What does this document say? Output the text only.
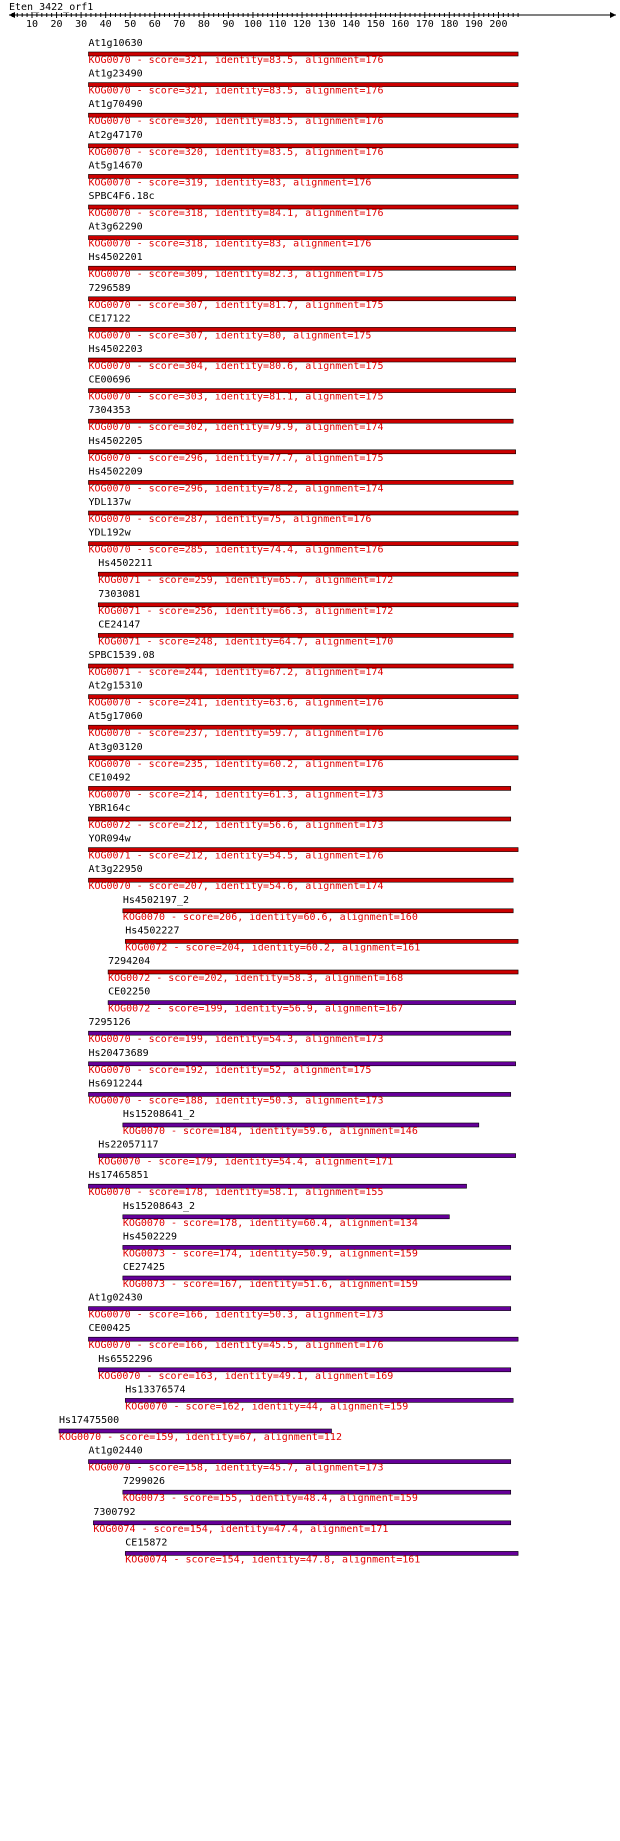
Eten_3422_orf1
10 20 30 40 50 60 70 80 90 100 110 120 130 140 150 160 170 180 190 200
At1g10630
KOG0070 - score=321, identity=83.5, alignment=176
At1g23490
KOG0070 - score=321, identity=83.5, alignment=176
At1g70490
KOG0070 - score=320, identity=83.5, alignment=176
At2g47170
KOG0070 - score=320, identity=83.5, alignment=176
At5g14670
KOG0070 - score=319, identity=83, alignment=176
SPBC4F6.18c
KOG0070 - score=318, identity=84.1, alignment=176
At3g62290
KOG0070 - score=318, identity=83, alignment=176
Hs4502201
KOG0070 - score=309, identity=82.3, alignment=175
7296589
KOG0070 - score=307, identity=81.7, alignment=175
CE17122
KOG0070 - score=307, identity=80, alignment=175
Hs4502203
KOG0070 - score=304, identity=80.6, alignment=175
CE00696
KOG0070 - score=303, identity=81.1, alignment=175
7304353
KOG0070 - score=302, identity=79.9, alignment=174
Hs4502205
KOG0070 - score=296, identity=77.7, alignment=175
Hs4502209
KOG0070 - score=296, identity=78.2, alignment=174
YDL137w
KOG0070 - score=287, identity=75, alignment=176
YDL192w
KOG0070 - score=285, identity=74.4, alignment=176
Hs4502211
KOG0071 - score=259, identity=65.7, alignment=172
7303081
KOG0071 - score=256, identity=66.3, alignment=172
CE24147
KOG0071 - score=248, identity=64.7, alignment=170
SPBC1539.08
KOG0071 - score=244, identity=67.2, alignment=174
At2g15310
KOG0070 - score=241, identity=63.6, alignment=176
At5g17060
KOG0070 - score=237, identity=59.7, alignment=176
At3g03120
KOG0070 - score=235, identity=60.2, alignment=176
CE10492
KOG0070 - score=214, identity=61.3, alignment=173
YBR164c
KOG0072 - score=212, identity=56.6, alignment=173
YOR094w
KOG0071 - score=212, identity=54.5, alignment=176
At3g22950
KOG0070 - score=207, identity=54.6, alignment=174
Hs4502197_2
KOG0070 - score=206, identity=60.6, alignment=160
Hs4502227
KOG0072 - score=204, identity=60.2, alignment=161
7294204
KOG0072 - score=202, identity=58.3, alignment=168
CE02250
KOG0072 - score=199, identity=56.9, alignment=167
7295126
KOG0070 - score=199, identity=54.3, alignment=173
Hs20473689
KOG0070 - score=192, identity=52, alignment=175
Hs6912244
KOG0070 - score=188, identity=50.3, alignment=173
Hs15208641_2
KOG0070 - score=184, identity=59.6, alignment=146
Hs22057117
KOG0070 - score=179, identity=54.4, alignment=171
Hs17465851
KOG0070 - score=178, identity=58.1, alignment=155
Hs15208643_2
KOG0070 - score=178, identity=60.4, alignment=134
Hs4502229
KOG0073 - score=174, identity=50.9, alignment=159
CE27425
KOG0073 - score=167, identity=51.6, alignment=159
At1g02430
KOG0070 - score=166, identity=50.3, alignment=173
CE00425
KOG0070 - score=166, identity=45.5, alignment=176
Hs6552296
KOG0070 - score=163, identity=49.1, alignment=169
Hs13376574
KOG0070 - score=162, identity=44, alignment=159
Hs17475500
KOG0070 - score=159, identity=67, alignment=112
At1g02440
KOG0070 - score=158, identity=45.7, alignment=173
7299026
KOG0073 - score=155, identity=48.4, alignment=159
7300792
KOG0074 - score=154, identity=47.4, alignment=171
CE15872
KOG0074 - score=154, identity=47.8, alignment=161
